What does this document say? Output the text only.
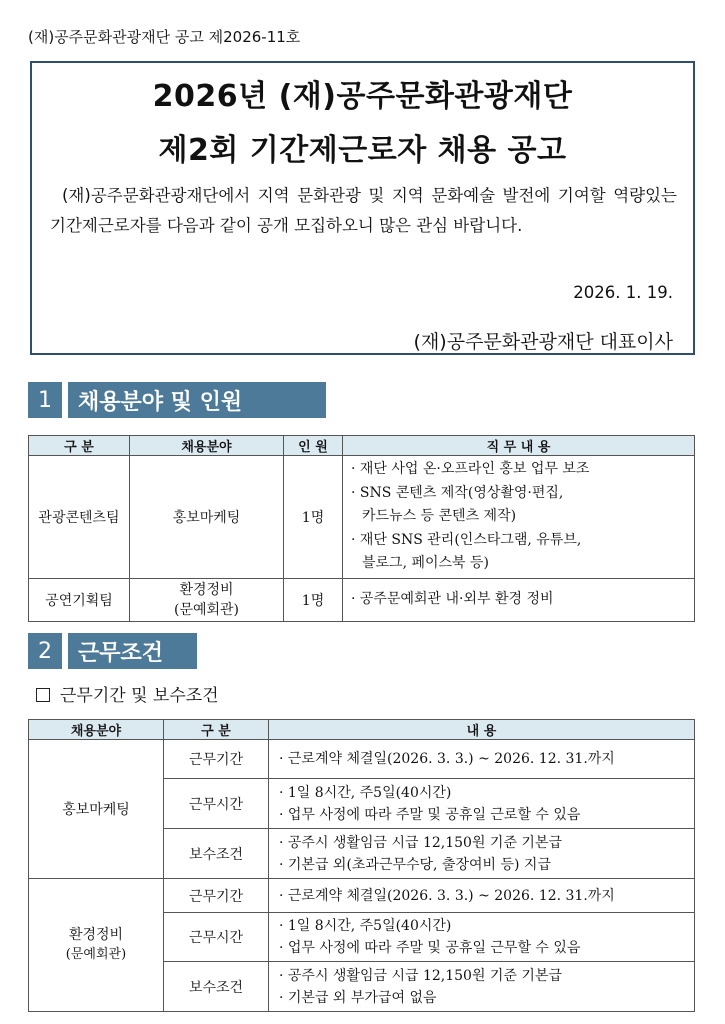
(재)공주문화관광재단 공고 제2026-11호
2026년 (재)공주문화관광재단
제2회 기간제근로자 채용 공고
(재)공주문화관광재단에서 지역 문화관광 및 지역 문화예술 발전에 기여할 역량있는 기간제근로자를 다음과 같이 공개 모집하오니 많은 관심 바랍니다.
2026. 1. 19.
(재)공주문화관광재단 대표이사
1	채용분야 및 인원
구 분	채용분야	인 원	직 무 내 용
관광콘텐츠팀	홍보마케팅	1명	· 재단 사업 온·오프라인 홍보 업무 보조
· SNS 콘텐츠 제작(영상촬영·편집,
카드뉴스 등 콘텐츠 제작)
· 재단 SNS 관리(인스타그램, 유튜브,
블로그, 페이스북 등)

공연기획팀	환경정비
(문예회관)	1명	· 공주문예회관 내·외부 환경 정비
2	근무조건
근무기간 및 보수조건
채용분야	구 분	내 용
홍보마케팅	근무기간	· 근로계약 체결일(2026. 3. 3.) ~ 2026. 12. 31.까지

	근무시간	· 1일 8시간, 주5일(40시간)
· 업무 사정에 따라 주말 및 공휴일 근로할 수 있음

	보수조건	· 공주시 생활임금 시급 12,150원 기준 기본급
· 기본급 외(초과근무수당, 출장여비 등) 지급

환경정비
(문예회관)	근무기간	· 근로계약 체결일(2026. 3. 3.) ~ 2026. 12. 31.까지

	근무시간	· 1일 8시간, 주5일(40시간)
· 업무 사정에 따라 주말 및 공휴일 근무할 수 있음

	보수조건	· 공주시 생활임금 시급 12,150원 기준 기본급
· 기본급 외 부가급여 없음
